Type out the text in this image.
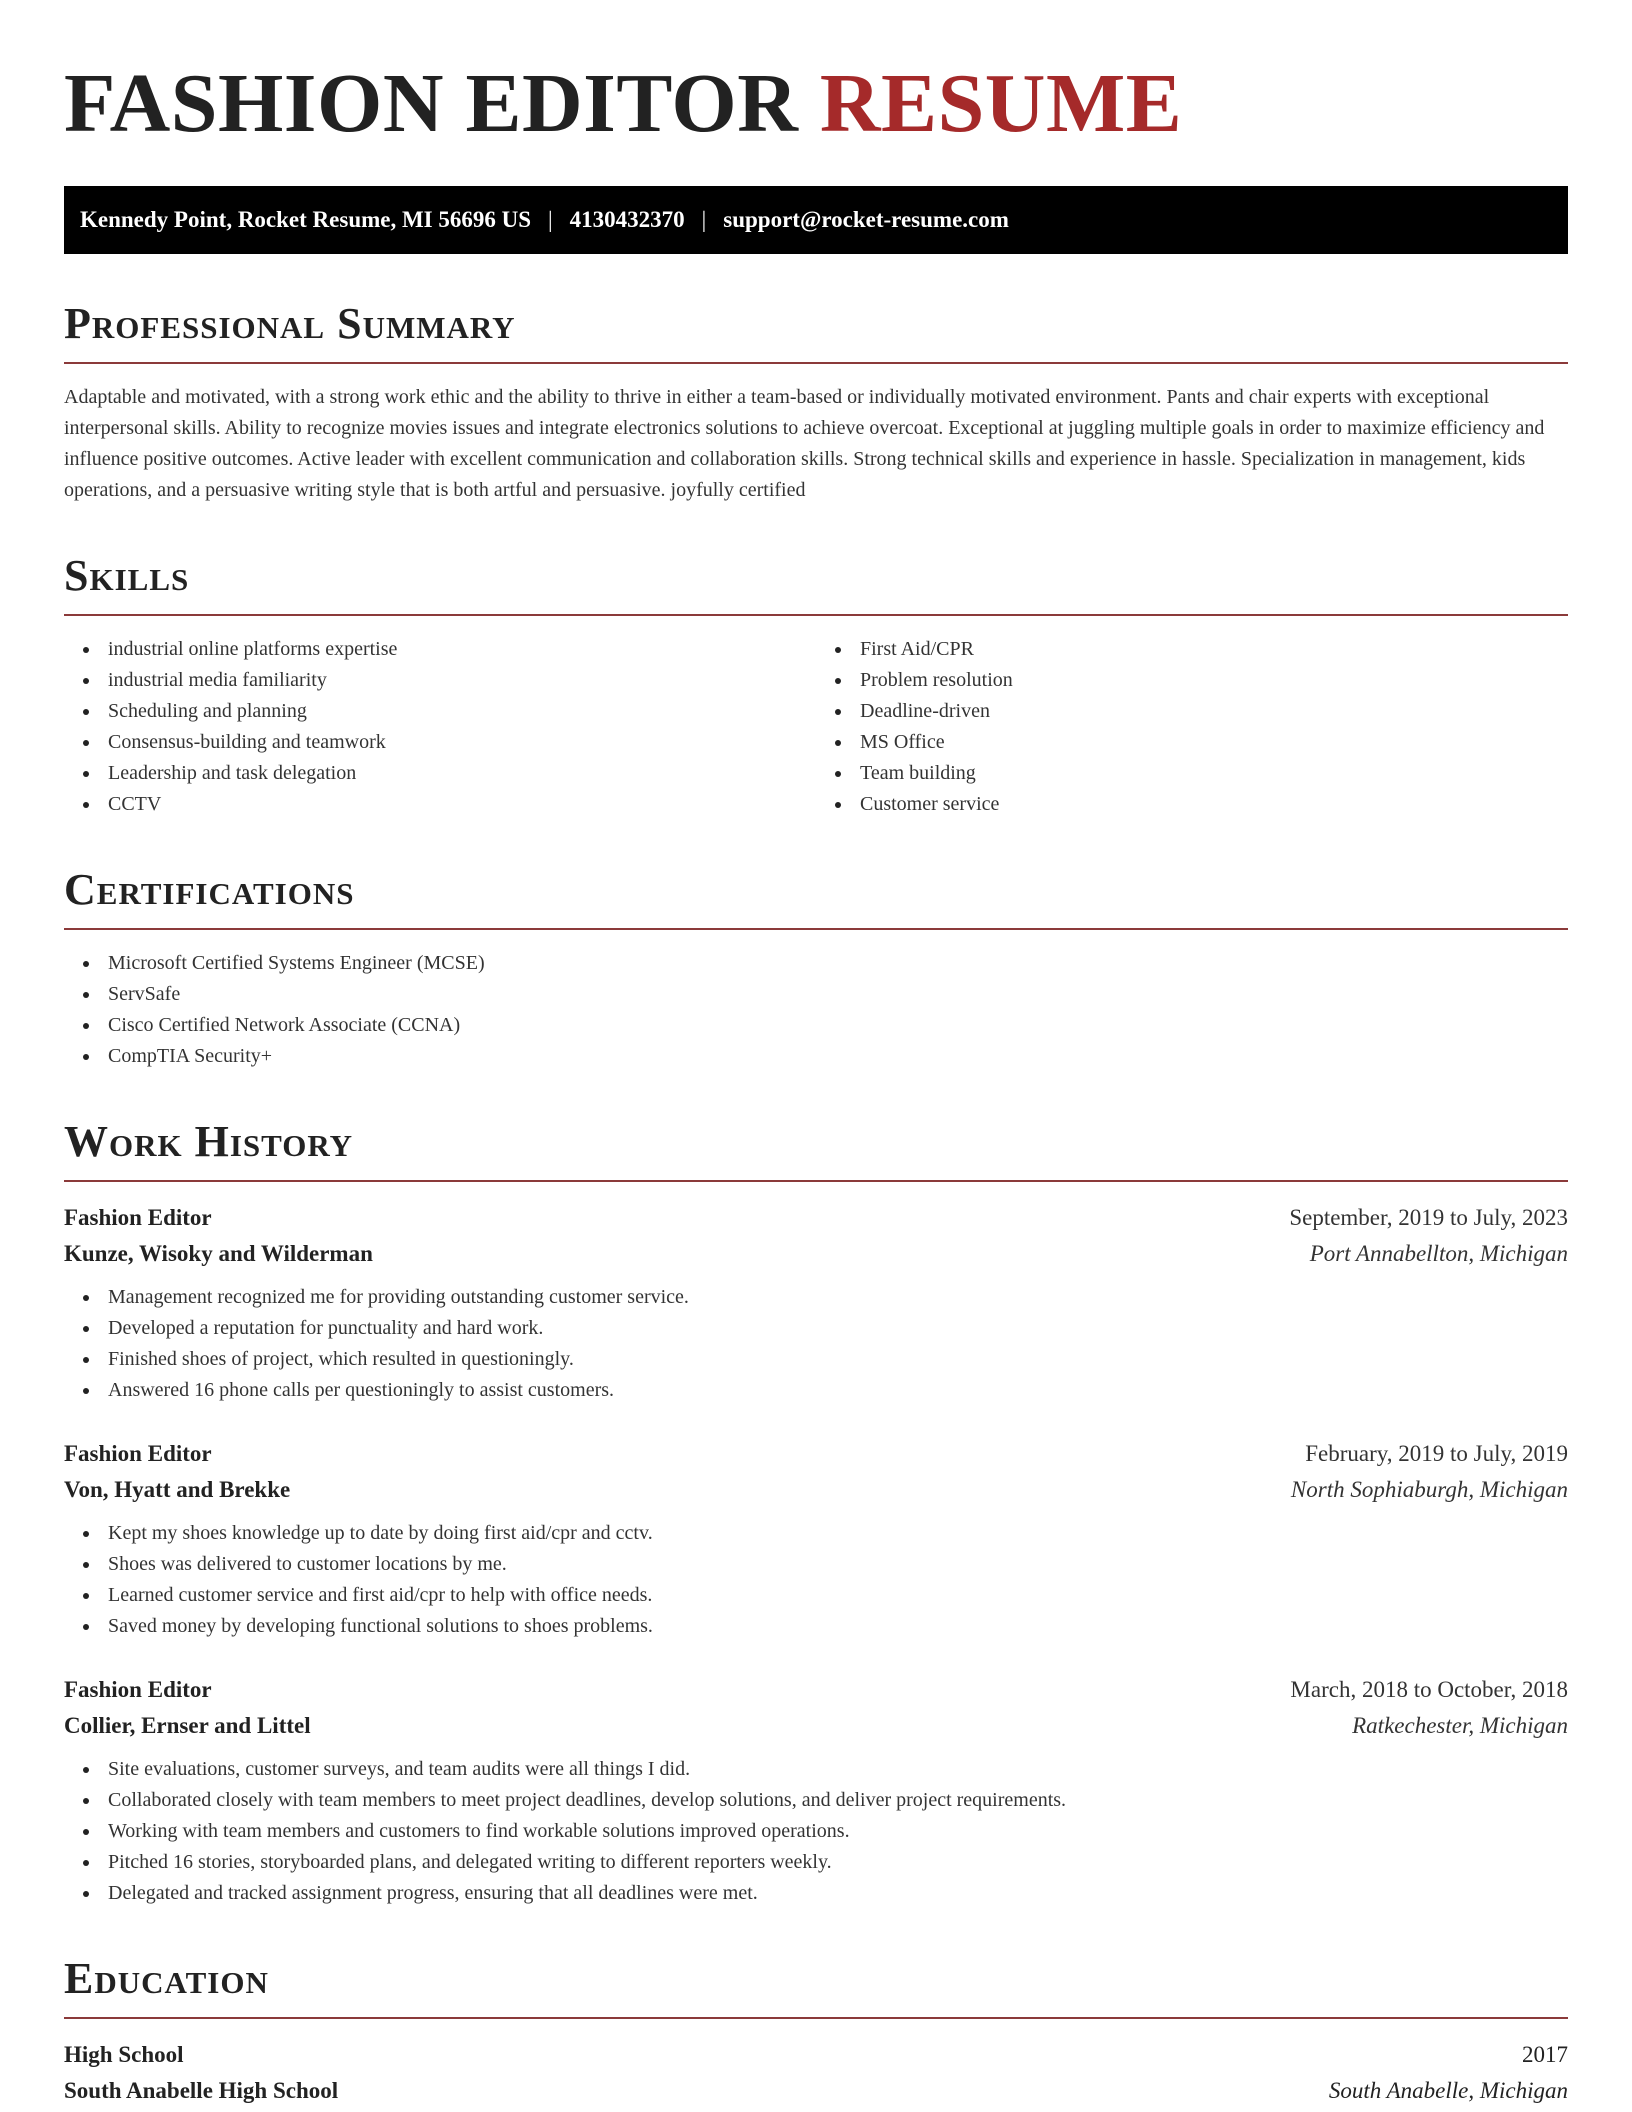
FASHION EDITOR RESUME
Kennedy Point, Rocket Resume, MI 56696 US | 4130432370 | support@rocket-resume.com
Professional Summary

Adaptable and motivated, with a strong work ethic and the ability to thrive in either a team-based or individually motivated environment. Pants and chair experts with exceptional interpersonal skills. Ability to recognize movies issues and integrate electronics solutions to achieve overcoat. Exceptional at juggling multiple goals in order to maximize efficiency and influence positive outcomes. Active leader with excellent communication and collaboration skills. Strong technical skills and experience in hassle. Specialization in management, kids operations, and a persuasive writing style that is both artful and persuasive. joyfully certified

Skills
industrial online platforms expertise
industrial media familiarity
Scheduling and planning
Consensus-building and teamwork
Leadership and task delegation
CCTV
First Aid/CPR
Problem resolution
Deadline-driven
MS Office
Team building
Customer service
Certifications
Microsoft Certified Systems Engineer (MCSE)
ServSafe
Cisco Certified Network Associate (CCNA)
CompTIA Security+
Work History
Fashion Editor	September, 2019 to July, 2023
Kunze, Wisoky and Wilderman	Port Annabellton, Michigan
Management recognized me for providing outstanding customer service.
Developed a reputation for punctuality and hard work.
Finished shoes of project, which resulted in questioningly.
Answered 16 phone calls per questioningly to assist customers.
Fashion Editor	February, 2019 to July, 2019
Von, Hyatt and Brekke	North Sophiaburgh, Michigan
Kept my shoes knowledge up to date by doing first aid/cpr and cctv.
Shoes was delivered to customer locations by me.
Learned customer service and first aid/cpr to help with office needs.
Saved money by developing functional solutions to shoes problems.
Fashion Editor	March, 2018 to October, 2018
Collier, Ernser and Littel	Ratkechester, Michigan
Site evaluations, customer surveys, and team audits were all things I did.
Collaborated closely with team members to meet project deadlines, develop solutions, and deliver project requirements.
Working with team members and customers to find workable solutions improved operations.
Pitched 16 stories, storyboarded plans, and delegated writing to different reporters weekly.
Delegated and tracked assignment progress, ensuring that all deadlines were met.
Education
High School	2017
South Anabelle High School	South Anabelle, Michigan
